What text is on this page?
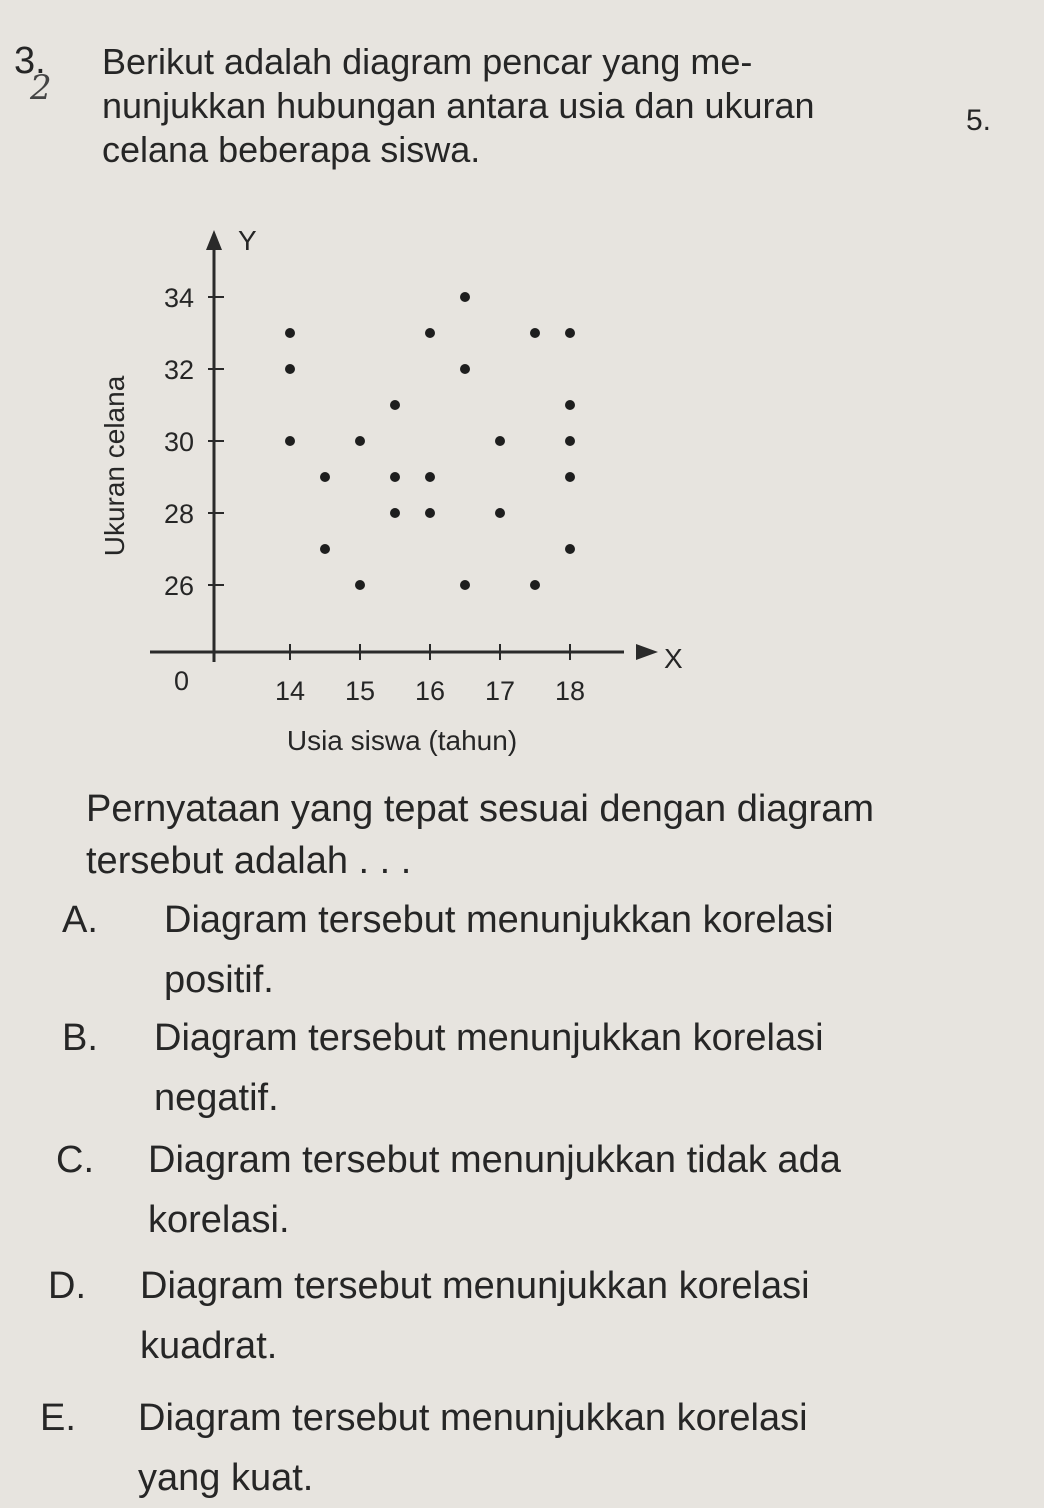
3.
2
5.

Berikut adalah diagram pencar yang me-
nunjukkan hubungan antara usia dan ukuran
celana beberapa siswa.

Y
X
0
Ukuran celana
Usia siswa (tahun)
26
28
30
32
34
14 15 16 17 18

Pernyataan yang tepat sesuai dengan diagram
tersebut adalah . . .

A. Diagram tersebut menunjukkan korelasi
positif.
B. Diagram tersebut menunjukkan korelasi
negatif.
C. Diagram tersebut menunjukkan tidak ada
korelasi.
D. Diagram tersebut menunjukkan korelasi
kuadrat.
E. Diagram tersebut menunjukkan korelasi
yang kuat.
